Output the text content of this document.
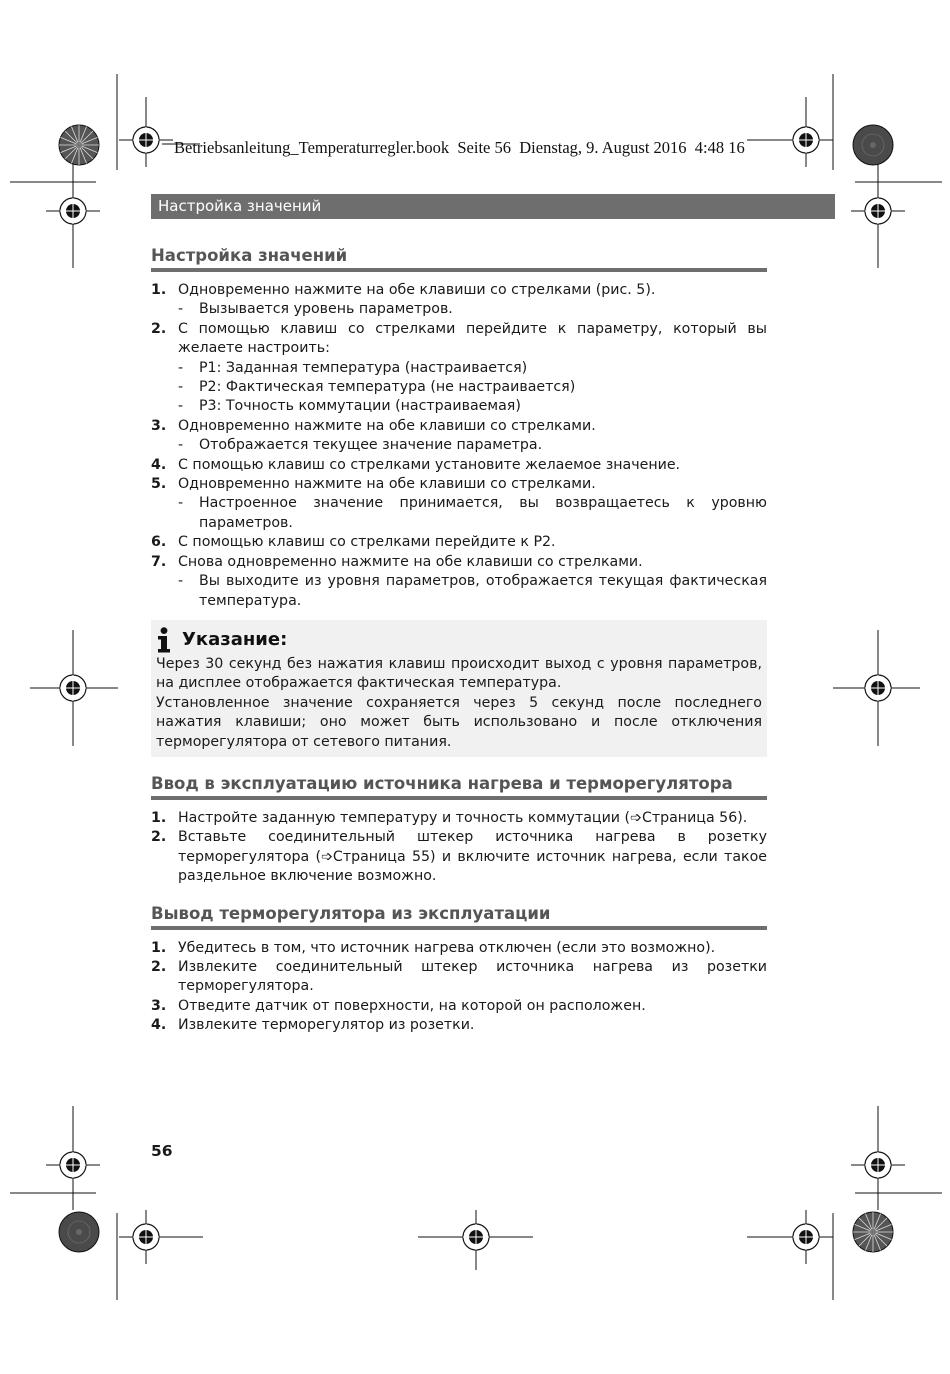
Betriebsanleitung_Temperaturregler.book  Seite 56  Dienstag, 9. August 2016  4:48 16
Настройка значений
Настройка значений
1. Одновременно нажмите на обе клавиши со стрелками (рис. 5).
- Вызывается уровень параметров.
2. С помощью клавиш со стрелками перейдите к параметру, который вы желаете настроить:
- P1: Заданная температура (настраивается)
- P2: Фактическая температура (не настраивается)
- P3: Точность коммутации (настраиваемая)
3. Одновременно нажмите на обе клавиши со стрелками.
- Отображается текущее значение параметра.
4. С помощью клавиш со стрелками установите желаемое значение.
5. Одновременно нажмите на обе клавиши со стрелками.
- Настроенное значение принимается, вы возвращаетесь к уровню параметров.
6. С помощью клавиш со стрелками перейдите к P2.
7. Снова одновременно нажмите на обе клавиши со стрелками.
- Вы выходите из уровня параметров, отображается текущая фактическая температура.
Указание:

Через 30 секунд без нажатия клавиш происходит выход с уровня параметров, на дисплее отображается фактическая температура.

Установленное значение сохраняется через 5 секунд после последнего нажатия клавиши; оно может быть использовано и после отключения терморегулятора от сетевого питания.

Ввод в эксплуатацию источника нагрева и терморегулятора
1. Настройте заданную температуру и точность коммутации (➩Страница 56).
2. Вставьте соединительный штекер источника нагрева в розетку терморегулятора (➩Страница 55) и включите источник нагрева, если такое раздельное включение возможно.
Вывод терморегулятора из эксплуатации
1. Убедитесь в том, что источник нагрева отключен (если это возможно).
2. Извлеките соединительный штекер источника нагрева из розетки терморегулятора.
3. Отведите датчик от поверхности, на которой он расположен.
4. Извлеките терморегулятор из розетки.
56
